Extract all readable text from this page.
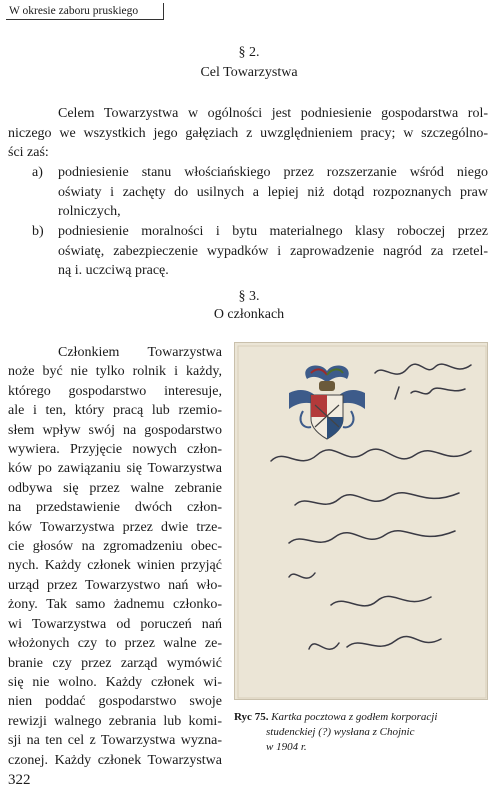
W okresie zaboru pruskiego
§ 2.
Cel Towarzystwa
Celem Towarzystwa w ogólności jest podniesienie gospodarstwa rol-
niczego we wszystkich jego gałęziach z uwzględnieniem pracy; w szczególno-
ści zaś:
a) podniesienie stanu włościańskiego przez rozszerzanie wśród niego
oświaty i zachęty do usilnych a lepiej niż dotąd rozpoznanych praw
rolniczych,
b) podniesienie moralności i bytu materialnego klasy roboczej przez
oświatę, zabezpieczenie wypadków i zaprowadzenie nagród za rzetel-
ną i. uczciwą pracę.
§ 3.
O członkach
Członkiem Towarzystwa
noże być nie tylko rolnik i każdy,
którego gospodarstwo interesuje,
ale i ten, który pracą lub rzemio-
słem wpływ swój na gospodarstwo
wywiera. Przyjęcie nowych człon-
ków po zawiązaniu się Towarzystwa
odbywa się przez walne zebranie
na przedstawienie dwóch człon-
ków Towarzystwa przez dwie trze-
cie głosów na zgromadzeniu obec-
nych. Każdy członek winien przyjąć
urząd przez Towarzystwo nań wło-
żony. Tak samo żadnemu członko-
wi Towarzystwa od poruczeń nań
włożonych czy to przez walne ze-
branie czy przez zarząd wymówić
się nie wolno. Każdy członek wi-
nien poddać gospodarstwo swoje
rewizji walnego zebrania lub komi-
sji na ten cel z Towarzystwa wyzna-
czonej. Każdy członek Towarzystwa
Ryc 75. Kartka pocztowa z godłem korporacji
studenckiej (?) wysłana z Chojnic
w 1904 r.
322
